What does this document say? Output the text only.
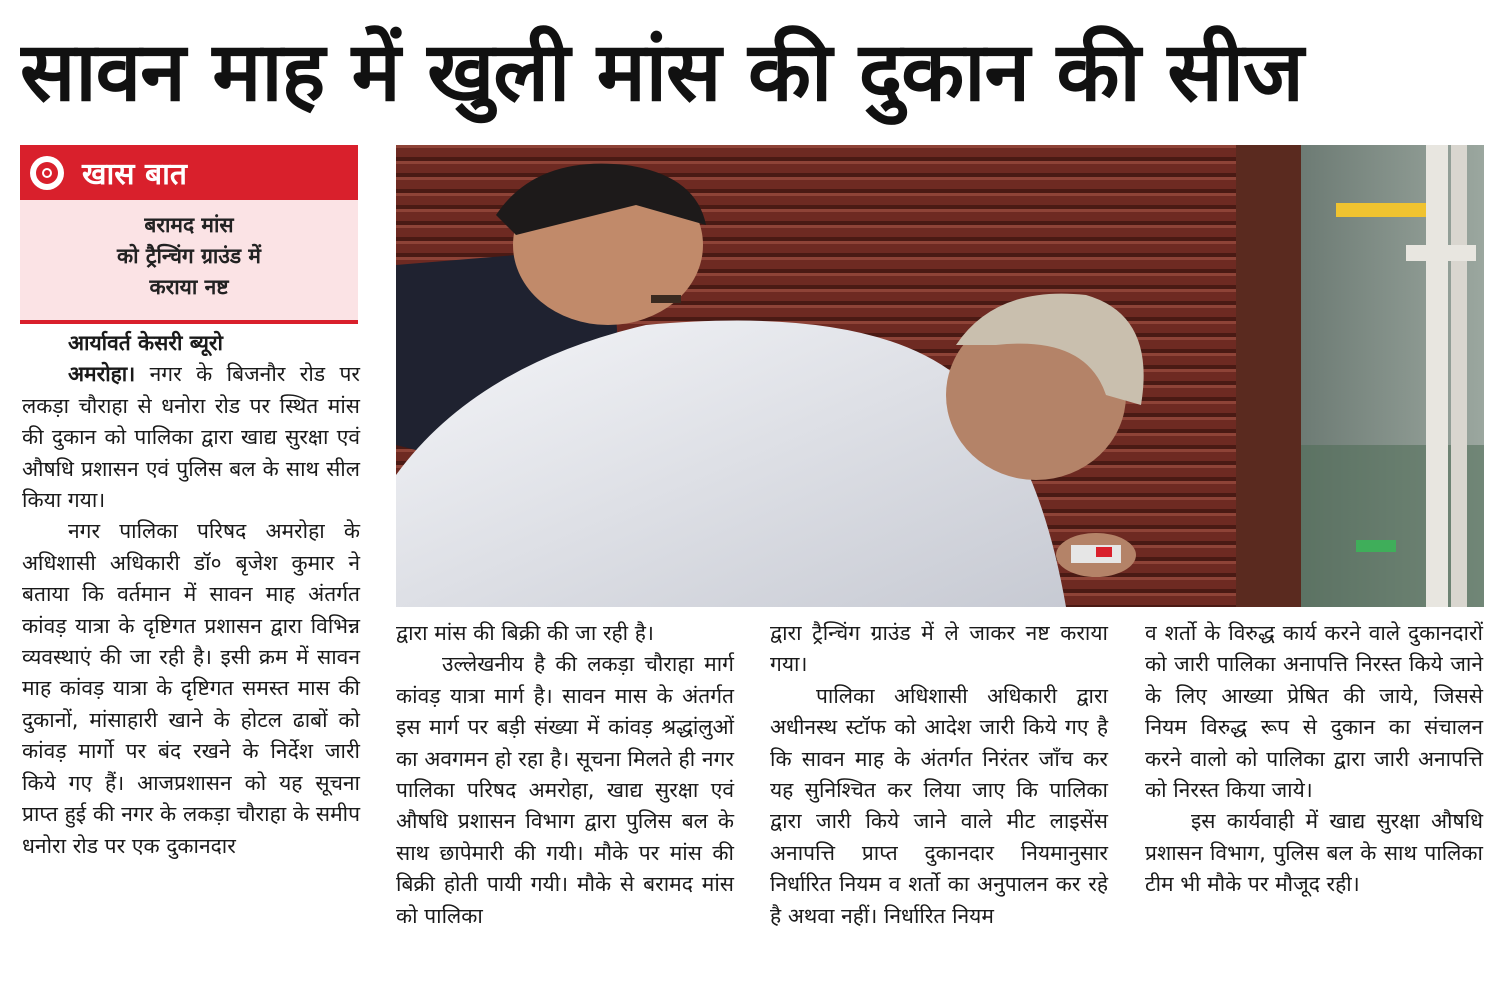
सावन माह में खुली मांस की दुकान की सीज
खास बात
बरामद मांस
को ट्रैन्चिंग ग्राउंड में
कराया नष्ट

आर्यावर्त केसरी ब्यूरो

अमरोहा। नगर के बिजनौर रोड पर लकड़ा चौराहा से धनोरा रोड पर स्थित मांस की दुकान को पालिका द्वारा खाद्य सुरक्षा एवं औषधि प्रशासन एवं पुलिस बल के साथ सील किया गया।

नगर पालिका परिषद अमरोहा के अधिशासी अधिकारी डॉ० बृजेश कुमार ने बताया कि वर्तमान में सावन माह अंतर्गत कांवड़ यात्रा के दृष्टिगत प्रशासन द्वारा विभिन्न व्यवस्थाएं की जा रही है। इसी क्रम में सावन माह कांवड़ यात्रा के दृष्टिगत समस्त मास की दुकानों, मांसाहारी खाने के होटल ढाबों को कांवड़ मार्गो पर बंद रखने के निर्देश जारी किये गए हैं। आजप्रशासन को यह सूचना प्राप्त हुई की नगर के लकड़ा चौराहा के समीप धनोरा रोड पर एक दुकानदार

द्वारा मांस की बिक्री की जा रही है।

उल्लेखनीय है की लकड़ा चौराहा मार्ग कांवड़ यात्रा मार्ग है। सावन मास के अंतर्गत इस मार्ग पर बड़ी संख्या में कांवड़ श्रद्धांलुओं का अवगमन हो रहा है। सूचना मिलते ही नगर पालिका परिषद अमरोहा, खाद्य सुरक्षा एवं औषधि प्रशासन विभाग द्वारा पुलिस बल के साथ छापेमारी की गयी। मौके पर मांस की बिक्री होती पायी गयी। मौके से बरामद मांस को पालिका

द्वारा ट्रैन्चिंग ग्राउंड में ले जाकर नष्ट कराया गया।

पालिका अधिशासी अधिकारी द्वारा अधीनस्थ स्टॉफ को आदेश जारी किये गए है कि सावन माह के अंतर्गत निरंतर जाँच कर यह सुनिश्चित कर लिया जाए कि पालिका द्वारा जारी किये जाने वाले मीट लाइसेंस अनापत्ति प्राप्त दुकानदार नियमानुसार निर्धारित नियम व शर्तो का अनुपालन कर रहे है अथवा नहीं। निर्धारित नियम

व शर्तो के विरुद्ध कार्य करने वाले दुकानदारों को जारी पालिका अनापत्ति निरस्त किये जाने के लिए आख्या प्रेषित की जाये, जिससे नियम विरुद्ध रूप से दुकान का संचालन करने वालो को पालिका द्वारा जारी अनापत्ति को निरस्त किया जाये।

इस कार्यवाही में खाद्य सुरक्षा औषधि प्रशासन विभाग, पुलिस बल के साथ पालिका टीम भी मौके पर मौजूद रही।
